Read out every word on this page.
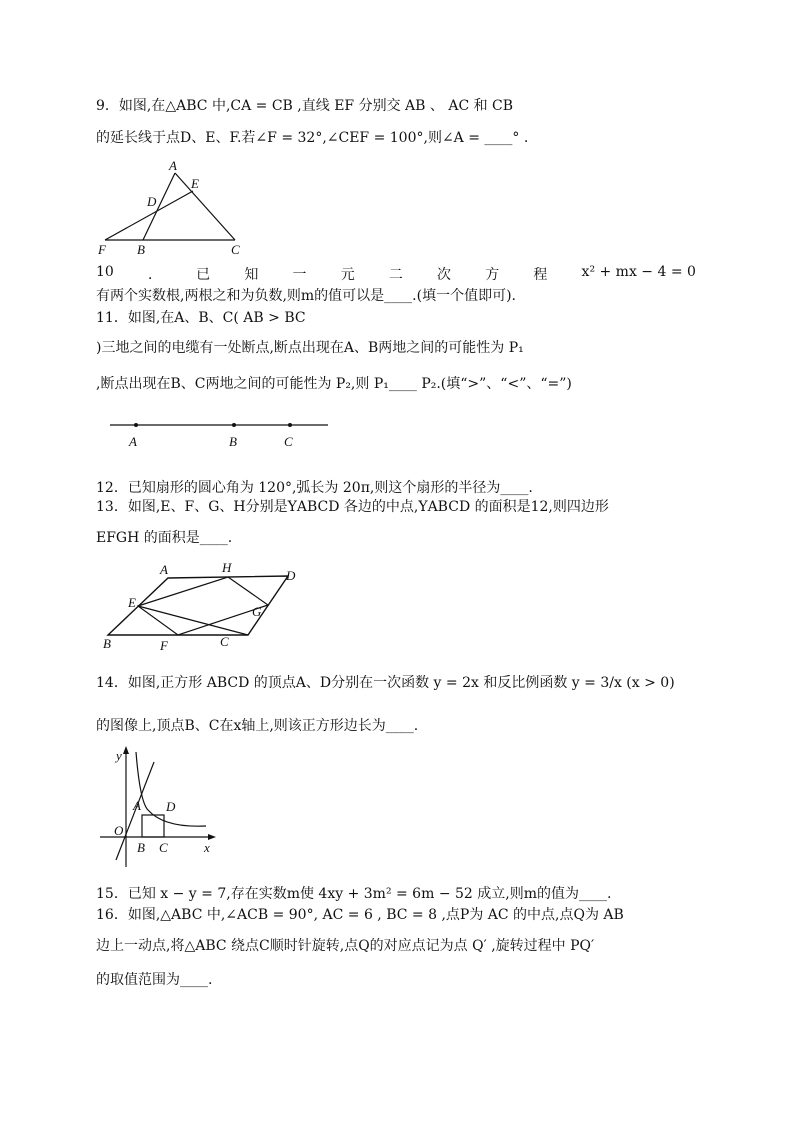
9．如图,在△ABC 中,CA = CB ,直线 EF 分别交 AB 、 AC 和 CB
的延长线于点D、E、F.若∠F = 32°,∠CEF = 100°,则∠A = ____° .
A
E
D
F B	C
10 ． 已 知 一 元 二 次 方 程 x² + mx − 4 = 0
有两个实数根,两根之和为负数,则m的值可以是____.(填一个值即可).
11．如图,在A、B、C( AB > BC
)三地之间的电缆有一处断点,断点出现在A、B两地之间的可能性为 P₁
,断点出现在B、C两地之间的可能性为 P₂,则 P₁____ P₂.(填“>”、“<”、“=”)
A	B	C
12．已知扇形的圆心角为 120°,弧长为 20π,则这个扇形的半径为____.
13．如图,E、F、G、H分别是ΥABCD 各边的中点,ΥABCD 的面积是12,则四边形
EFGH 的面积是____.
A	H
D
E
G
B	F	C
14．如图,正方形 ABCD 的顶点A、D分别在一次函数 y = 2x 和反比例函数 y = 3/x (x > 0)
的图像上,顶点B、C在x轴上,则该正方形边长为____.
y
A D
O
B C	x
15．已知 x − y = 7,存在实数m使 4xy + 3m² = 6m − 52 成立,则m的值为____.
16．如图,△ABC 中,∠ACB = 90°, AC = 6 , BC = 8 ,点P为 AC 的中点,点Q为 AB
边上一动点,将△ABC 绕点C顺时针旋转,点Q的对应点记为点 Q′ ,旋转过程中 PQ′
的取值范围为____.
